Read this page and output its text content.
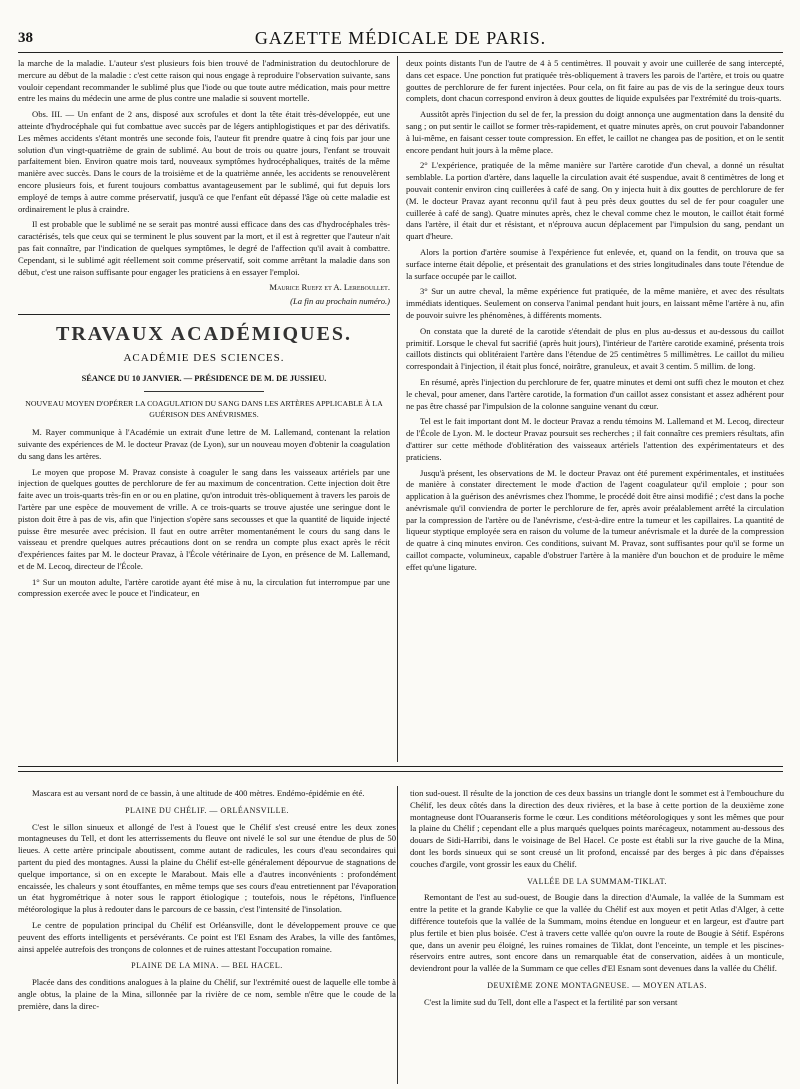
38	GAZETTE MÉDICALE DE PARIS.

la marche de la maladie. L'auteur s'est plusieurs fois bien trouvé de l'administration du deutochlorure de mercure au début de la maladie : c'est cette raison qui nous engage à reproduire l'observation suivante, sans vouloir cependant recommander le sublimé plus que l'iode ou que toute autre médication, mais pour mettre entre les mains du médecin une arme de plus contre une maladie si souvent mortelle.

Obs. III. — Un enfant de 2 ans, disposé aux scrofules et dont la tête était très-développée, eut une atteinte d'hydrocéphale qui fut combattue avec succès par de légers antiphlogistiques et par des dérivatifs. Les mêmes accidents s'étant montrés une seconde fois, l'auteur fit prendre quatre à cinq fois par jour une solution d'un vingt-quatrième de grain de sublimé. Au bout de trois ou quatre jours, l'enfant se trouvait parfaitement bien. Environ quatre mois tard, nouveaux symptômes hydrocéphaliques, traités de la même manière avec succès. Dans le cours de la troisième et de la quatrième année, les accidents se renouvelèrent encore plusieurs fois, et furent toujours combattus avantageusement par le sublimé, qui fut depuis lors employé de temps à autre comme préservatif, jusqu'à ce que l'enfant eût dépassé l'âge où cette maladie est ordinairement le plus à craindre.

Il est probable que le sublimé ne se serait pas montré aussi efficace dans des cas d'hydrocéphales très-caractérisés, tels que ceux qui se terminent le plus souvent par la mort, et il est à regretter que l'auteur n'ait pas fait connaître, par l'indication de quelques symptômes, le degré de l'affection qu'il avait à combattre. Cependant, si le sublimé agit réellement soit comme préservatif, soit comme arrêtant la maladie dans son début, c'est une raison suffisante pour engager les praticiens à en essayer l'emploi.

Maurice Ruefz et A. Lereboullet.
(La fin au prochain numéro.)
TRAVAUX ACADÉMIQUES.
ACADÉMIE DES SCIENCES.
SÉANCE DU 10 JANVIER. — PRÉSIDENCE DE M. DE JUSSIEU.
NOUVEAU MOYEN D'OPÉRER LA COAGULATION DU SANG DANS LES ARTÈRES APPLICABLE À LA GUÉRISON DES ANÉVRISMES.

M. Rayer communique à l'Académie un extrait d'une lettre de M. Lallemand, contenant la relation suivante des expériences de M. le docteur Pravaz (de Lyon), sur un nouveau moyen d'obtenir la coagulation du sang dans les artères.

Le moyen que propose M. Pravaz consiste à coaguler le sang dans les vaisseaux artériels par une injection de quelques gouttes de perchlorure de fer au maximum de concentration. Cette injection doit être faite avec un trois-quarts très-fin en or ou en platine, qu'on introduit très-obliquement à travers les parois de l'artère par une espèce de mouvement de vrille. A ce trois-quarts se trouve ajustée une seringue dont le piston doit être à pas de vis, afin que l'injection s'opère sans secousses et que la quantité de liquide injecté puisse être mesurée avec précision. Il faut en outre arrêter momentanément le cours du sang dans le vaisseau et prendre quelques autres précautions dont on se rendra un compte plus exact après le récit d'expériences faites par M. le docteur Pravaz, à l'École vétérinaire de Lyon, en présence de M. Lallemand, et de M. Lecoq, directeur de l'École.

1° Sur un mouton adulte, l'artère carotide ayant été mise à nu, la circulation fut interrompue par une compression exercée avec le pouce et l'indicateur, en

deux points distants l'un de l'autre de 4 à 5 centimètres. Il pouvait y avoir une cuillerée de sang intercepté, dans cet espace. Une ponction fut pratiquée très-obliquement à travers les parois de l'artère, et trois ou quatre gouttes de perchlorure de fer furent injectées. Pour cela, on fit faire au pas de vis de la seringue deux tours complets, dont chacun correspond environ à deux gouttes de liquide expulsées par l'extrémité du trois-quarts.

Aussitôt après l'injection du sel de fer, la pression du doigt annonça une augmentation dans la densité du sang ; on put sentir le caillot se former très-rapidement, et quatre minutes après, on crut pouvoir l'abandonner à lui-même, en faisant cesser toute compression. En effet, le caillot ne changea pas de position, et on le sentit encore pendant huit jours à la même place.

2° L'expérience, pratiquée de la même manière sur l'artère carotide d'un cheval, a donné un résultat semblable. La portion d'artère, dans laquelle la circulation avait été suspendue, avait 8 centimètres de long et pouvait contenir environ cinq cuillerées à café de sang. On y injecta huit à dix gouttes de perchlorure de fer (M. le docteur Pravaz ayant reconnu qu'il faut à peu près deux gouttes du sel de fer pour coaguler une cuillerée à café de sang). Quatre minutes après, chez le cheval comme chez le mouton, le caillot était formé dans l'artère, il était dur et résistant, et n'éprouva aucun déplacement par l'impulsion du sang, pendant un quart d'heure.

Alors la portion d'artère soumise à l'expérience fut enlevée, et, quand on la fendit, on trouva que sa surface interne était dépolie, et présentait des granulations et des stries longitudinales dans toute l'étendue de la surface occupée par le caillot.

3° Sur un autre cheval, la même expérience fut pratiquée, de la même manière, et avec des résultats immédiats identiques. Seulement on conserva l'animal pendant huit jours, en laissant même l'artère à nu, afin de pouvoir suivre les phénomènes, à différents moments.

On constata que la dureté de la carotide s'étendait de plus en plus au-dessus et au-dessous du caillot primitif. Lorsque le cheval fut sacrifié (après huit jours), l'intérieur de l'artère carotide examiné, présenta trois caillots distincts qui oblitéraient l'artère dans l'étendue de 25 centimètres 5 millimètres. Le caillot du milieu correspondait à l'injection, il était plus foncé, noirâtre, granuleux, et avait 3 centim. 5 millim. de long.

En résumé, après l'injection du perchlorure de fer, quatre minutes et demi ont suffi chez le mouton et chez le cheval, pour amener, dans l'artère carotide, la formation d'un caillot assez consistant et assez adhérent pour ne pas être chassé par l'impulsion de la colonne sanguine venant du cœur.

Tel est le fait important dont M. le docteur Pravaz a rendu témoins M. Lallemand et M. Lecoq, directeur de l'École de Lyon. M. le docteur Pravaz poursuit ses recherches ; il fait connaître ces premiers résultats, afin d'attirer sur cette méthode d'oblitération des vaisseaux artériels l'attention des expérimentateurs et des praticiens.

Jusqu'à présent, les observations de M. le docteur Pravaz ont été purement expérimentales, et instituées de manière à constater directement le mode d'action de l'agent coagulateur qu'il emploie ; pour son application à la guérison des anévrismes chez l'homme, le procédé doit être ainsi modifié ; c'est dans la poche anévrismale qu'il conviendra de porter le perchlorure de fer, après avoir préalablement arrêté la circulation par la compression de l'artère ou de l'anévrisme, c'est-à-dire entre la tumeur et les capillaires. La quantité de liqueur styptique employée sera en raison du volume de la tumeur anévrismale et la durée de la compression de quatre à cinq minutes environ. Ces conditions, suivant M. Pravaz, sont suffisantes pour qu'il se forme un caillot compacte, volumineux, capable d'obstruer l'artère à la manière d'un bouchon et de produire le même effet qu'une ligature.

Mascara est au versant nord de ce bassin, à une altitude de 400 mètres. Endémo-épidémie en été.

PLAINE DU CHÉLIF. — ORLÉANSVILLE.

C'est le sillon sinueux et allongé de l'est à l'ouest que le Chélif s'est creusé entre les deux zones montagneuses du Tell, et dont les atterrissements du fleuve ont nivelé le sol sur une étendue de plus de 50 lieues. A cette artère principale aboutissent, comme autant de radicules, les cours d'eau secondaires qui partent du pied des montagnes. Aussi la plaine du Chélif est-elle généralement dépourvue de stagnations de quelque importance, si on en excepte le Marabout. Mais elle a d'autres inconvénients : profondément encaissée, les chaleurs y sont étouffantes, en même temps que ses cours d'eau entretiennent par l'évaporation un état hygrométrique à noter sous le rapport étiologique ; toutefois, nous le répétons, l'influence météorologique la plus à redouter dans le parcours de ce bassin, c'est l'intensité de l'insolation.

Le centre de population principal du Chélif est Orléansville, dont le développement prouve ce que peuvent des efforts intelligents et persévérants. Ce point est l'El Esnam des Arabes, la ville des fantômes, ainsi appelée autrefois des tronçons de colonnes et de ruines attestant l'occupation romaine.

PLAINE DE LA MINA. — BEL HACEL.

Placée dans des conditions analogues à la plaine du Chélif, sur l'extrémité ouest de laquelle elle tombe à angle obtus, la plaine de la Mina, sillonnée par la rivière de ce nom, semble n'être que le coude de la première, dans la direc-

tion sud-ouest. Il résulte de la jonction de ces deux bassins un triangle dont le sommet est à l'embouchure du Chélif, les deux côtés dans la direction des deux rivières, et la base à cette portion de la deuxième zone montagneuse dont l'Ouaranseris forme le cœur. Les conditions météorologiques y sont les mêmes que pour la plaine du Chélif ; cependant elle a plus marqués quelques points marécageux, notamment au-dessous des douars de Sidi-Harribi, dans le voisinage de Bel Hacel. Ce poste est établi sur la rive gauche de la Mina, dont les bords sinueux qui se sont creusé un lit profond, encaissé par des berges à pic dans d'épaisses couches d'argile, vont grossir les eaux du Chélif.

VALLÉE DE LA SUMMAM-TIKLAT.

Remontant de l'est au sud-ouest, de Bougie dans la direction d'Aumale, la vallée de la Summam est entre la petite et la grande Kabylie ce que la vallée du Chélif est aux moyen et petit Atlas d'Alger, à cette différence toutefois que la vallée de la Summam, moins étendue en longueur et en largeur, est d'autre part plus fertile et bien plus boisée. C'est à travers cette vallée qu'on ouvre la route de Bougie à Sétif. Espérons que, dans un avenir peu éloigné, les ruines romaines de Tiklat, dont l'enceinte, un temple et les piscines-réservoirs entre autres, sont encore dans un remarquable état de conservation, aidées à un monticule, deviendront pour la vallée de la Summam ce que celles d'El Esnam sont devenues dans la vallée du Chélif.

DEUXIÈME ZONE MONTAGNEUSE. — MOYEN ATLAS.

C'est la limite sud du Tell, dont elle a l'aspect et la fertilité par son versant
